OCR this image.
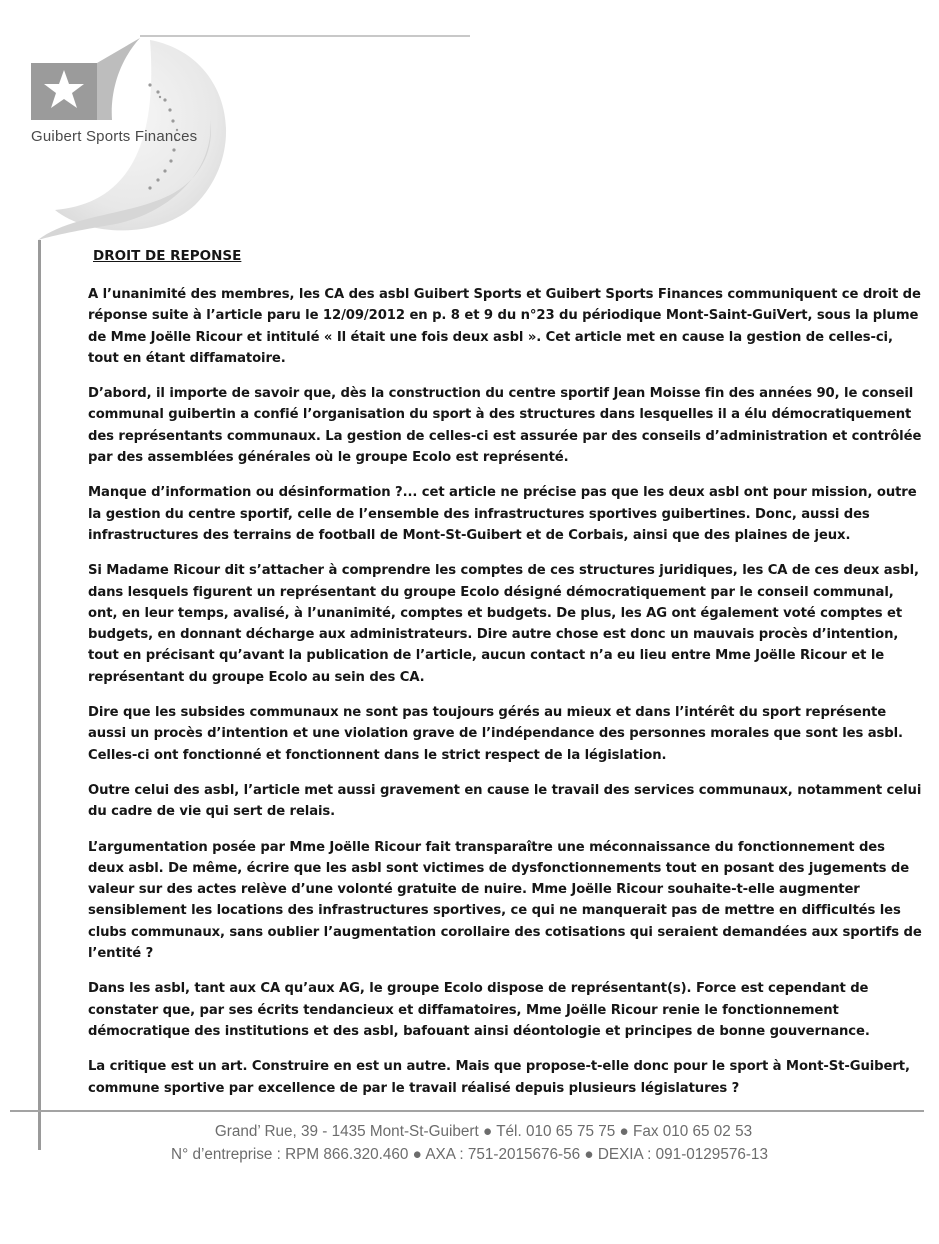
Guibert Sports Finances
DROIT DE REPONSE

A l’unanimité des membres, les CA des asbl Guibert Sports et Guibert Sports Finances communiquent ce droit de réponse suite à l’article paru le 12/09/2012 en p. 8 et 9 du n°23 du périodique Mont-Saint-GuiVert, sous la plume de Mme Joëlle Ricour et intitulé « Il était une fois deux asbl ». Cet article met en cause la gestion de celles-ci, tout en étant diffamatoire.

D’abord, il importe de savoir que, dès la construction du centre sportif Jean Moisse fin des années 90, le conseil communal guibertin a confié l’organisation du sport à des structures dans lesquelles il a élu démocratiquement des représentants communaux. La gestion de celles-ci est assurée par des conseils d’administration et contrôlée par des assemblées générales où le groupe Ecolo est représenté.

Manque d’information ou désinformation ?... cet article ne précise pas que les deux asbl ont pour mission, outre la gestion du centre sportif, celle de l’ensemble des infrastructures sportives guibertines. Donc, aussi des infrastructures des terrains de football de Mont-St-Guibert et de Corbais, ainsi que des plaines de jeux.

Si Madame Ricour dit s’attacher à comprendre les comptes de ces structures juridiques, les CA de ces deux asbl, dans lesquels figurent un représentant du groupe Ecolo désigné démocratiquement par le conseil communal, ont, en leur temps, avalisé, à l’unanimité, comptes et budgets. De plus, les AG ont également voté comptes et budgets, en donnant décharge aux administrateurs. Dire autre chose est donc un mauvais procès d’intention, tout en précisant qu’avant la publication de l’article, aucun contact n’a eu lieu entre Mme Joëlle Ricour et le représentant du groupe Ecolo au sein des CA.

Dire que les subsides communaux ne sont pas toujours gérés au mieux et dans l’intérêt du sport représente aussi un procès d’intention et une violation grave de l’indépendance des personnes morales que sont les asbl. Celles-ci ont fonctionné et fonctionnent dans le strict respect de la législation.

Outre celui des asbl, l’article met aussi gravement en cause le travail des services communaux, notamment celui du cadre de vie qui sert de relais.

L’argumentation posée par Mme Joëlle Ricour fait transparaître une méconnaissance du fonctionnement des deux asbl. De même, écrire que les asbl sont victimes de dysfonctionnements tout en posant des jugements de valeur sur des actes relève d’une volonté gratuite de nuire. Mme Joëlle Ricour souhaite-t-elle augmenter sensiblement les locations des infrastructures sportives, ce qui ne manquerait pas de mettre en difficultés les clubs communaux, sans oublier l’augmentation corollaire des cotisations qui seraient demandées aux sportifs de l’entité ?

Dans les asbl, tant aux CA qu’aux AG, le groupe Ecolo dispose de représentant(s). Force est cependant de constater que, par ses écrits tendancieux et diffamatoires, Mme Joëlle Ricour renie le fonctionnement démocratique des institutions et des asbl, bafouant ainsi déontologie et principes de bonne gouvernance.

La critique est un art. Construire en est un autre. Mais que propose-t-elle donc pour le sport à Mont-St-Guibert, commune sportive par excellence de par le travail réalisé depuis plusieurs législatures ?

Grand’ Rue, 39 - 1435 Mont-St-Guibert ● Tél. 010 65 75 75 ● Fax 010 65 02 53
N° d’entreprise : RPM 866.320.460 ● AXA : 751-2015676-56 ● DEXIA : 091-0129576-13
